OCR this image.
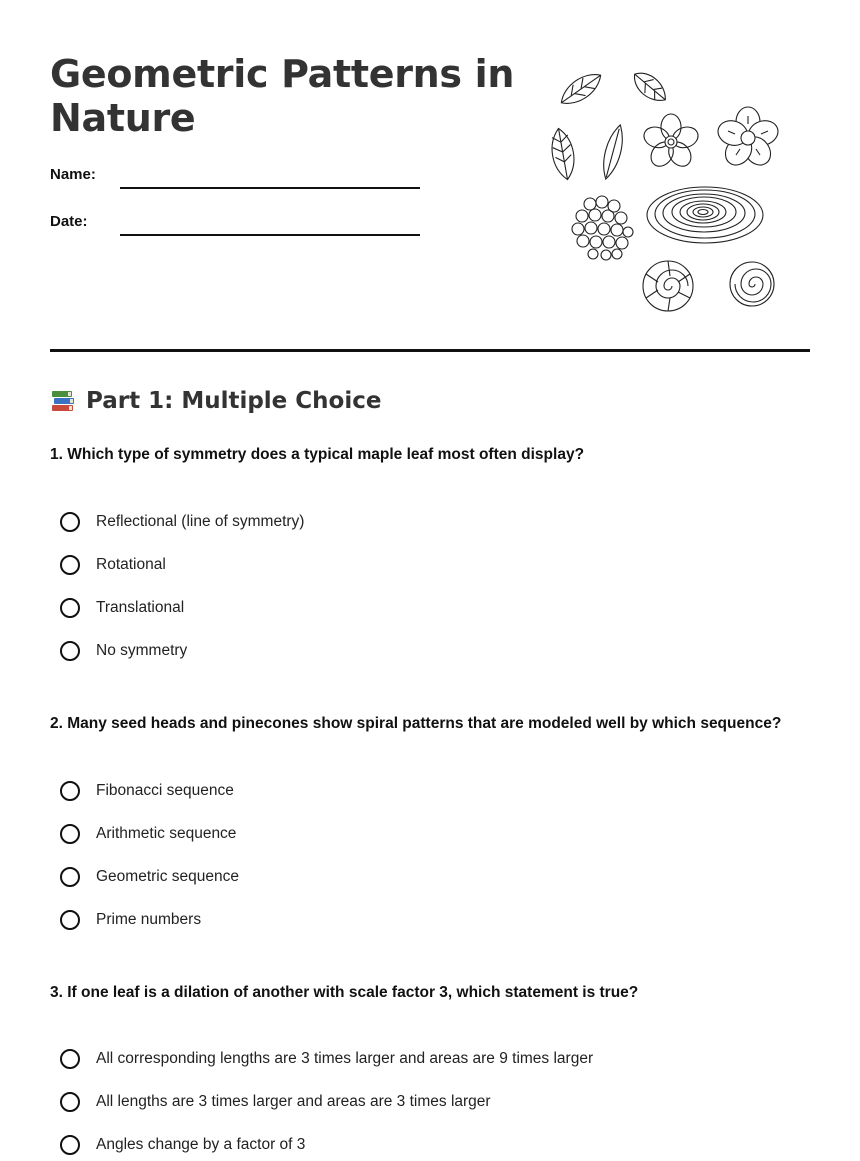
Geometric Patterns in Nature
Name:
Date:
Part 1: Multiple Choice
1. Which type of symmetry does a typical maple leaf most often display?
Reflectional (line of symmetry)
Rotational
Translational
No symmetry
2. Many seed heads and pinecones show spiral patterns that are modeled well by which sequence?
Fibonacci sequence
Arithmetic sequence
Geometric sequence
Prime numbers
3. If one leaf is a dilation of another with scale factor 3, which statement is true?
All corresponding lengths are 3 times larger and areas are 9 times larger
All lengths are 3 times larger and areas are 3 times larger
Angles change by a factor of 3
